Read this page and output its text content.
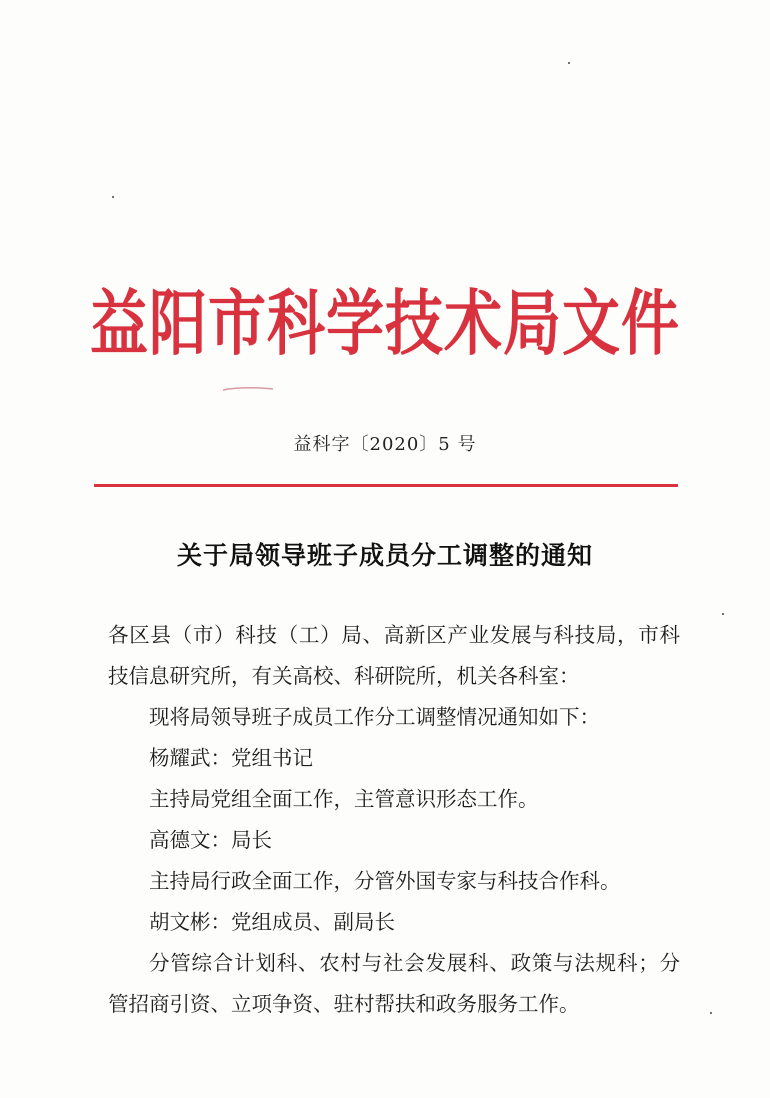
益阳市科学技术局文件
益科字〔2020〕5 号
关于局领导班子成员分工调整的通知

各区县（市）科技（工）局、高新区产业发展与科技局，市科技信息研究所，有关高校、科研院所，机关各科室：

现将局领导班子成员工作分工调整情况通知如下：

杨耀武：党组书记

主持局党组全面工作，主管意识形态工作。

高德文：局长

主持局行政全面工作，分管外国专家与科技合作科。

胡文彬：党组成员、副局长

分管综合计划科、农村与社会发展科、政策与法规科；分管招商引资、立项争资、驻村帮扶和政务服务工作。
